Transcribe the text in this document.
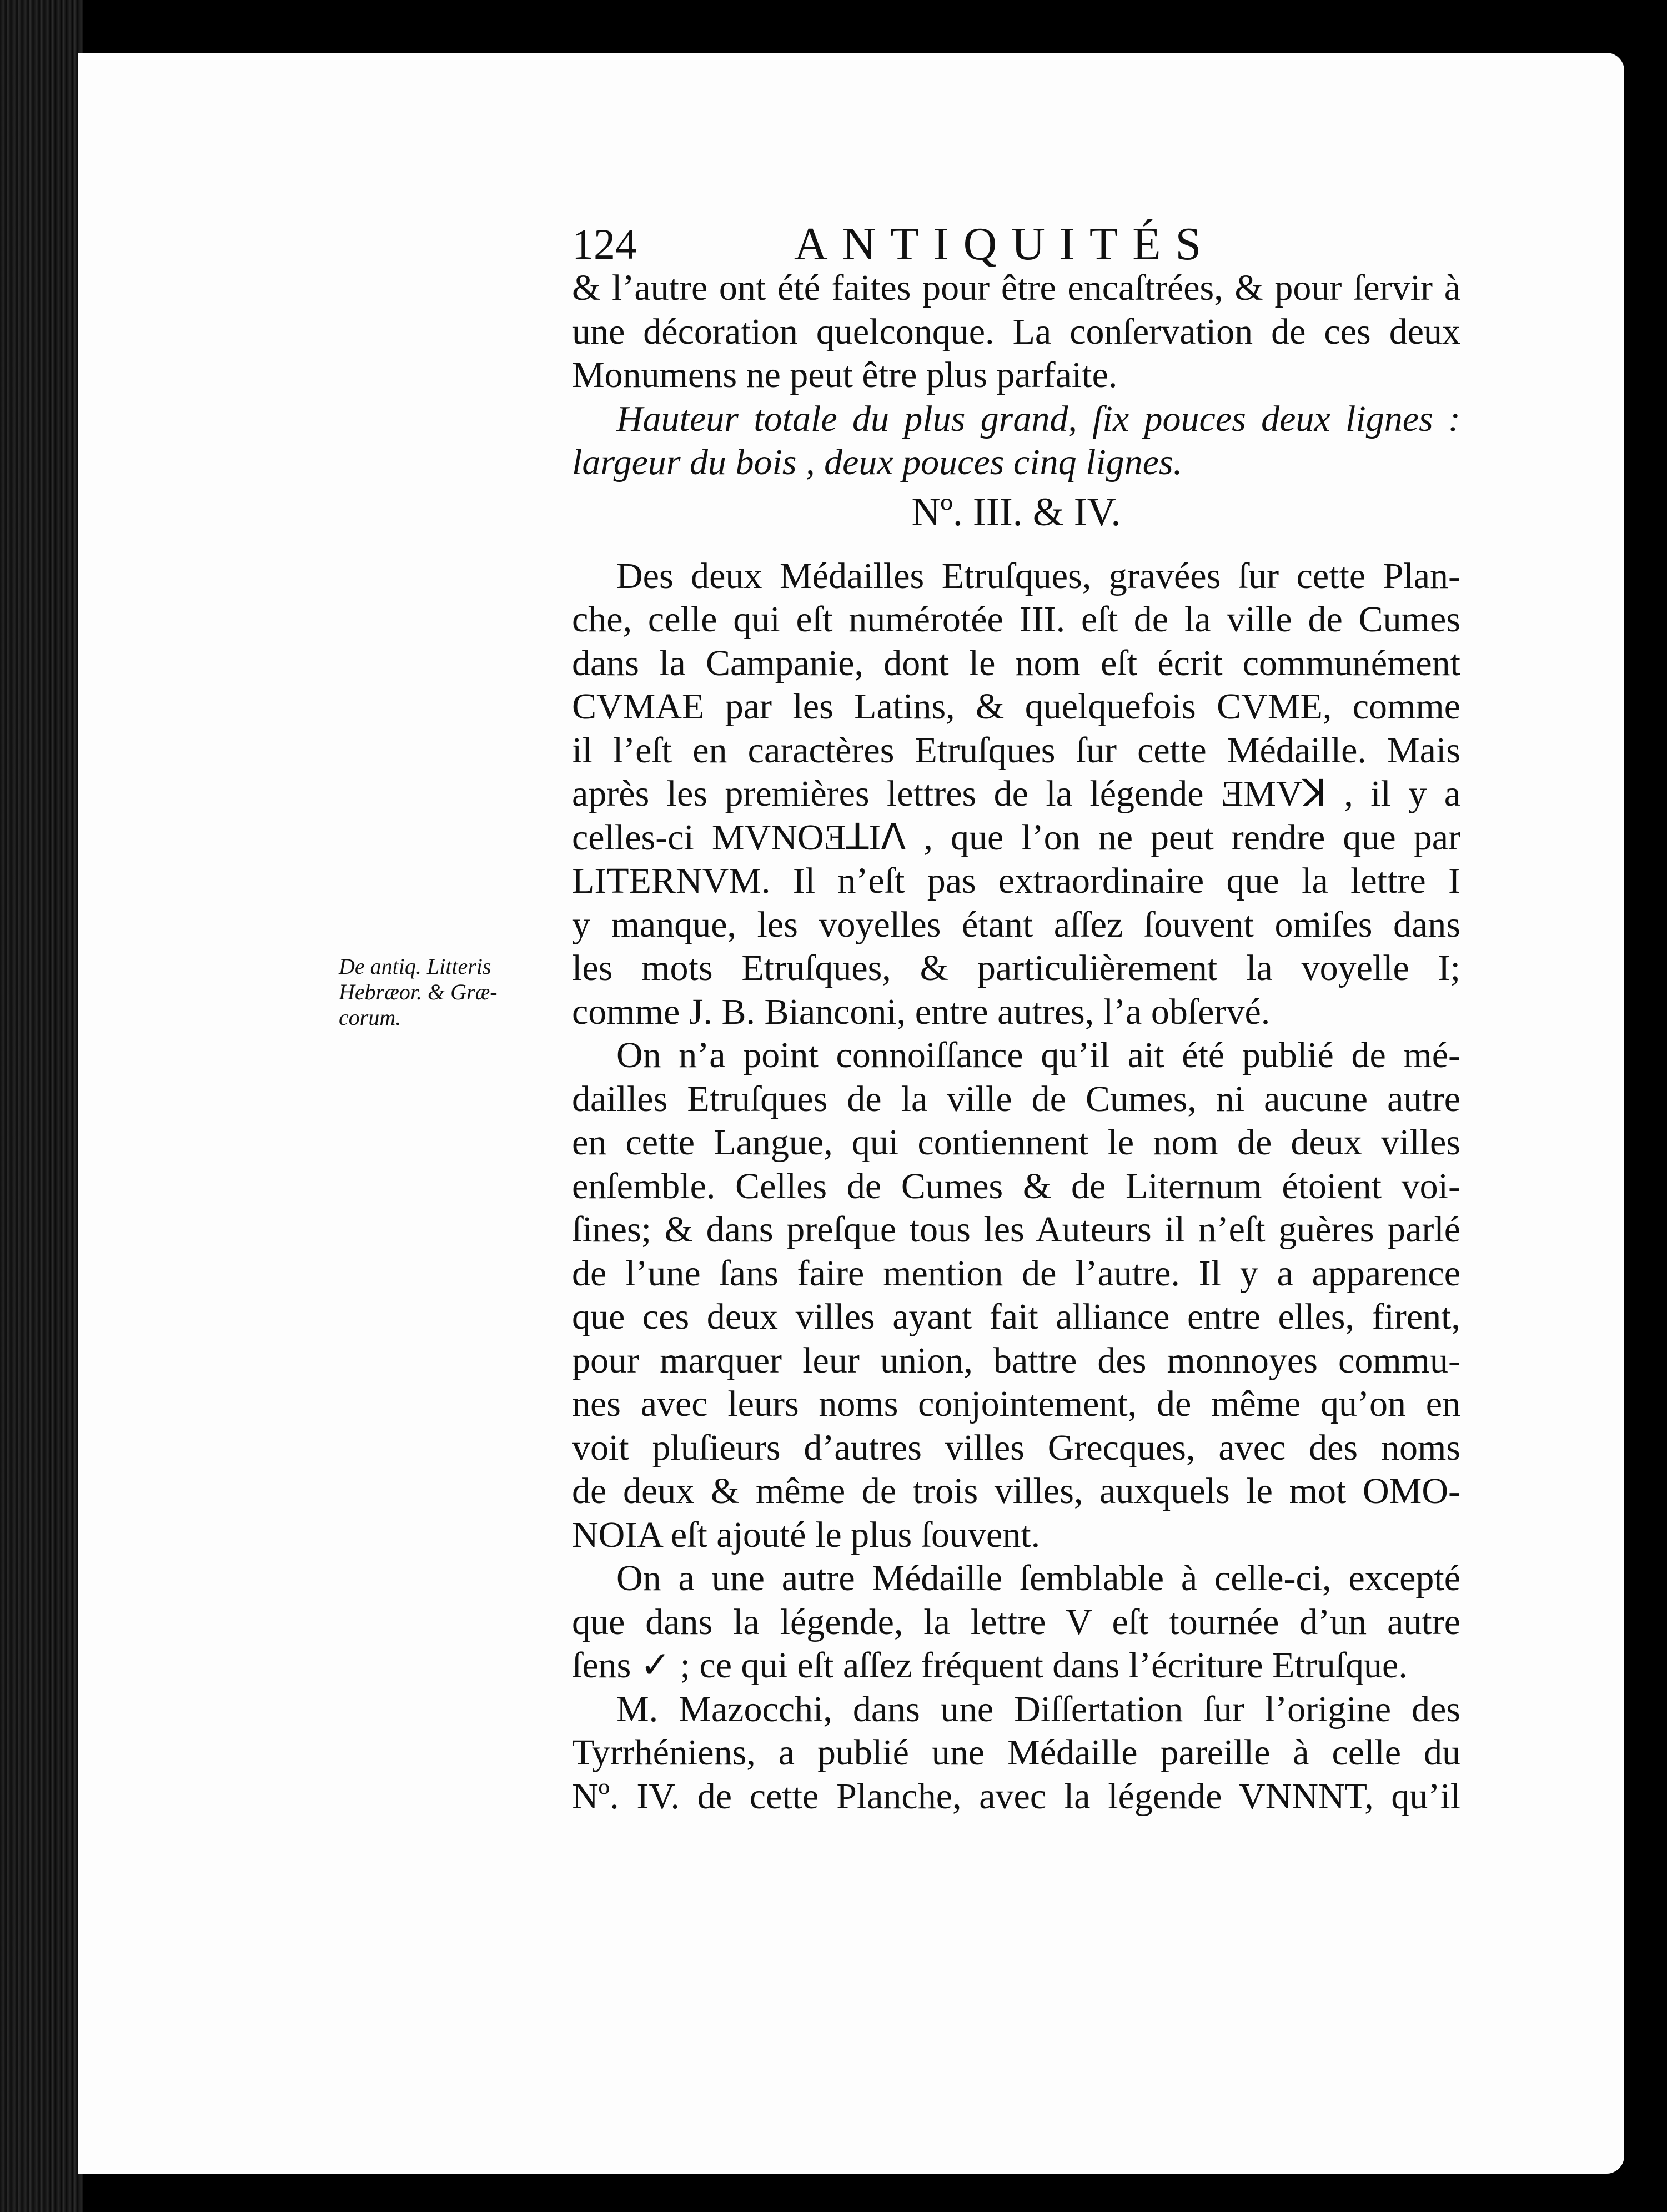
124	ANTIQUITÉS
De antiq. Litteris
Hebræor. & Græ-
corum.
& l’autre ont été faites pour être encaſtrées, & pour ſervir à
une décoration quelconque. La conſervation de ces deux
Monumens ne peut être plus parfaite.
Hauteur totale du plus grand, ſix pouces deux lignes :
largeur du bois , deux pouces cinq lignes.
Nº. III. & IV.
Des deux Médailles Etruſques, gravées ſur cette Plan-
che, celle qui eſt numérotée III. eſt de la ville de Cumes
dans la Campanie, dont le nom eſt écrit communément
CVMAE par les Latins, & quelquefois CVME, comme
il l’eſt en caractères Etruſques ſur cette Médaille. Mais
après les premières lettres de la légende ƎMVꓘ , il y a
celles-ci MVNOƎꓕIꓥ , que l’on ne peut rendre que par
LITERNVM. Il n’eſt pas extraordinaire que la lettre I
y manque, les voyelles étant aſſez ſouvent omiſes dans
les mots Etruſques, & particulièrement la voyelle I;
comme J. B. Bianconi, entre autres, l’a obſervé.
On n’a point connoiſſance qu’il ait été publié de mé-
dailles Etruſques de la ville de Cumes, ni aucune autre
en cette Langue, qui contiennent le nom de deux villes
enſemble. Celles de Cumes & de Liternum étoient voi-
ſines; & dans preſque tous les Auteurs il n’eſt guères parlé
de l’une ſans faire mention de l’autre. Il y a apparence
que ces deux villes ayant fait alliance entre elles, firent,
pour marquer leur union, battre des monnoyes commu-
nes avec leurs noms conjointement, de même qu’on en
voit pluſieurs d’autres villes Grecques, avec des noms
de deux & même de trois villes, auxquels le mot OMO-
NOIA eſt ajouté le plus ſouvent.
On a une autre Médaille ſemblable à celle-ci, excepté
que dans la légende, la lettre V eſt tournée d’un autre
ſens ✓ ; ce qui eſt aſſez fréquent dans l’écriture Etruſque.
M. Mazocchi, dans une Diſſertation ſur l’origine des
Tyrrhéniens, a publié une Médaille pareille à celle du
Nº. IV. de cette Planche, avec la légende VNNNT, qu’il
